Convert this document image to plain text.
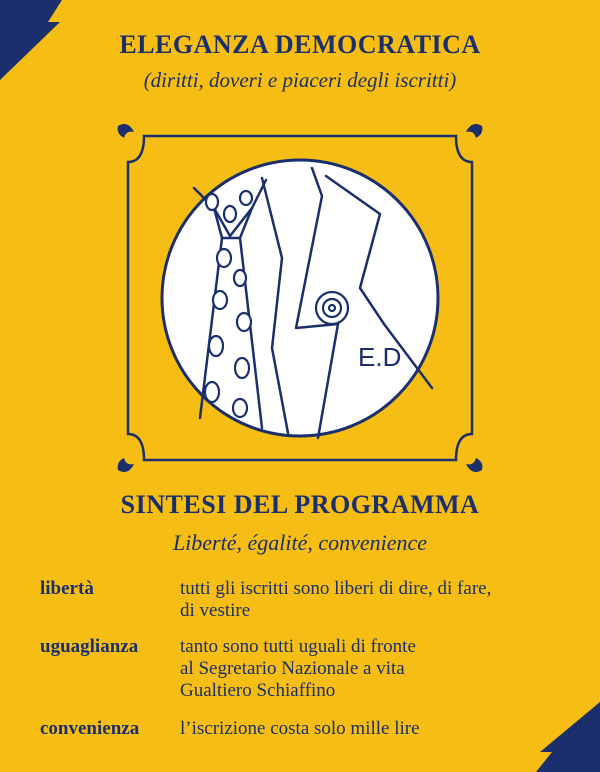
ELEGANZA DEMOCRATICA
(diritti, doveri e piaceri degli iscritti)
E.D
SINTESI DEL PROGRAMMA
Liberté, égalité, convenience
libertà	tutti gli iscritti sono liberi di dire, di fare,
di vestire
uguaglianza tanto sono tutti uguali di fronte
al Segretario Nazionale a vita
Gualtiero Schiaffino
convenienza l’iscrizione costa solo mille lire
